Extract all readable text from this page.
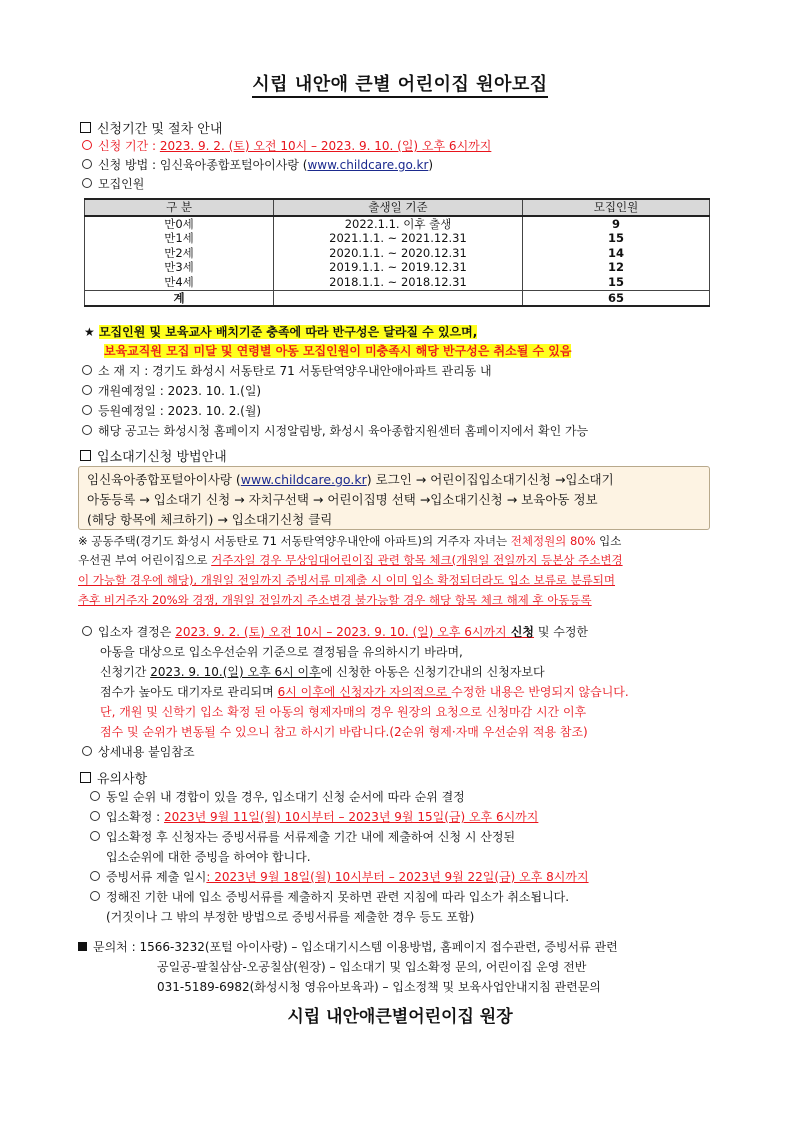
시립 내안애 큰별 어린이집 원아모집
신청기간 및 절차 안내
신청 기간 : 2023. 9. 2. (토) 오전 10시 – 2023. 9. 10. (일) 오후 6시까지
신청 방법 : 임신육아종합포털아이사랑 (www.childcare.go.kr)
모집인원
구 분	출생일 기준	모집인원
만0세	2022.1.1. 이후 출생	9
만1세	2021.1.1. ~ 2021.12.31	15
만2세	2020.1.1. ~ 2020.12.31	14
만3세	2019.1.1. ~ 2019.12.31	12
만4세	2018.1.1. ~ 2018.12.31	15
계		65
★ 모집인원 및 보육교사 배치기준 충족에 따라 반구성은 달라질 수 있으며,
보육교직원 모집 미달 및 연령별 아동 모집인원이 미충족시 해당 반구성은 취소될 수 있음
소 재 지 : 경기도 화성시 서동탄로 71 서동탄역양우내안애아파트 관리동 내
개원예정일 : 2023. 10. 1.(일)
등원예정일 : 2023. 10. 2.(월)
해당 공고는 화성시청 홈페이지 시정알림방, 화성시 육아종합지원센터 홈페이지에서 확인 가능
입소대기신청 방법안내
임신육아종합포털아이사랑 (www.childcare.go.kr) 로그인 → 어린이집입소대기신청 →입소대기
아동등록 → 입소대기 신청 → 자치구선택 → 어린이집명 선택 →입소대기신청 → 보육아동 정보
(해당 항목에 체크하기) → 입소대기신청 클릭
※ 공동주택(경기도 화성시 서동탄로 71 서동탄역양우내안애 아파트)의 거주자 자녀는 전체정원의 80% 입소
우선권 부여 어린이집으로 거주자일 경우 무상임대어린이집 관련 항목 체크(개원일 전일까지 등본상 주소변경
이 가능할 경우에 해당), 개원일 전일까지 증빙서류 미제출 시 이미 입소 확정되더라도 입소 보류로 분류되며
추후 비거주자 20%와 경쟁, 개원일 전일까지 주소변경 불가능할 경우 해당 항목 체크 해제 후 아동등록
입소자 결정은 2023. 9. 2. (토) 오전 10시 – 2023. 9. 10. (일) 오후 6시까지 신청 및 수정한
아동을 대상으로 입소우선순위 기준으로 결정됨을 유의하시기 바라며,
신청기간 2023. 9. 10.(일) 오후 6시 이후에 신청한 아동은 신청기간내의 신청자보다
점수가 높아도 대기자로 관리되며 6시 이후에 신청자가 자의적으로 수정한 내용은 반영되지 않습니다.
단, 개원 및 신학기 입소 확정 된 아동의 형제자매의 경우 원장의 요청으로 신청마감 시간 이후
점수 및 순위가 변동될 수 있으니 참고 하시기 바랍니다.(2순위 형제·자매 우선순위 적용 참조)
상세내용 붙임참조
유의사항
동일 순위 내 경합이 있을 경우, 입소대기 신청 순서에 따라 순위 결정
입소확정 : 2023년 9월 11일(월) 10시부터 – 2023년 9월 15일(금) 오후 6시까지
입소확정 후 신청자는 증빙서류를 서류제출 기간 내에 제출하여 신청 시 산정된
입소순위에 대한 증빙을 하여야 합니다.
증빙서류 제출 일시: 2023년 9월 18일(월) 10시부터 – 2023년 9월 22일(금) 오후 8시까지
정해진 기한 내에 입소 증빙서류를 제출하지 못하면 관련 지침에 따라 입소가 취소됩니다.
(거짓이나 그 밖의 부정한 방법으로 증빙서류를 제출한 경우 등도 포함)
문의처 : 1566-3232(포털 아이사랑) – 입소대기시스템 이용방법, 홈페이지 접수관련, 증빙서류 관련
공일공-팔칠삼삼-오공칠삼(원장) – 입소대기 및 입소확정 문의, 어린이집 운영 전반
031-5189-6982(화성시청 영유아보육과) – 입소정책 및 보육사업안내지침 관련문의
시립 내안애큰별어린이집 원장
